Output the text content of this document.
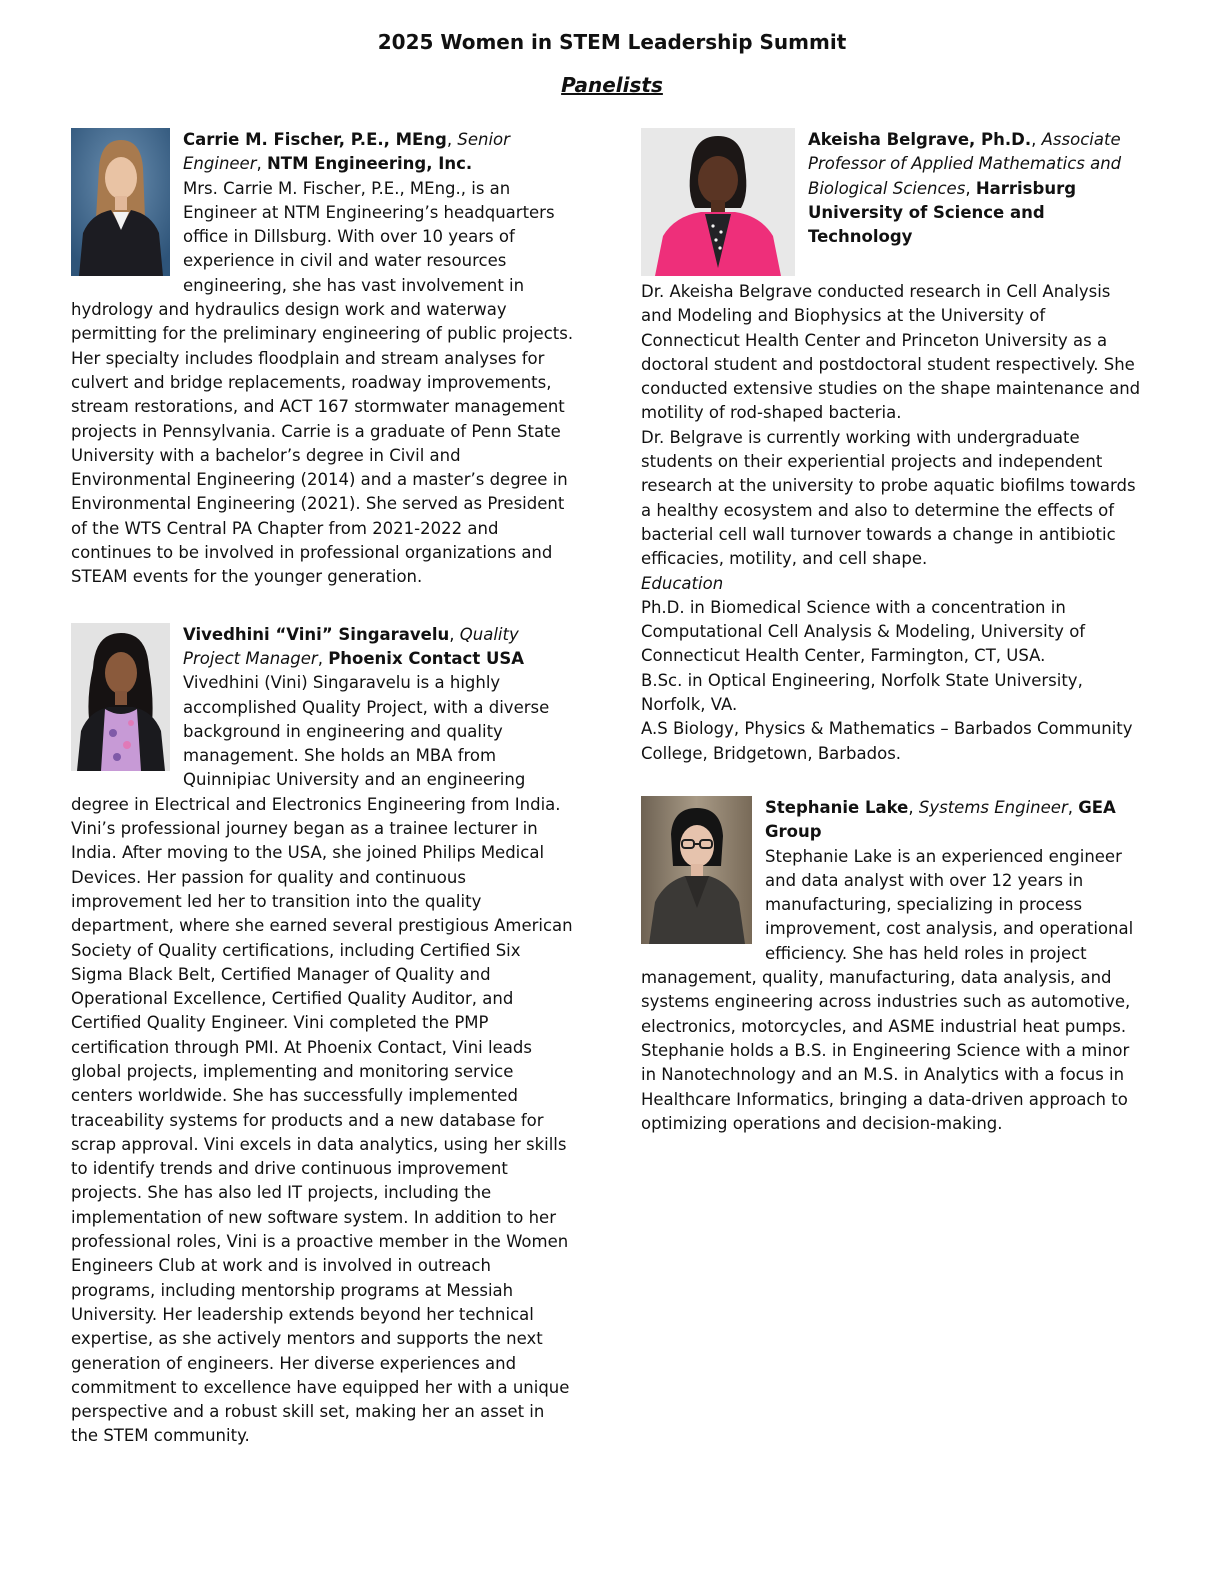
2025 Women in STEM Leadership Summit
Panelists

Carrie M. Fischer, P.E., MEng, Senior Engineer, NTM Engineering, Inc.

Mrs. Carrie M. Fischer, P.E., MEng., is an Engineer at NTM Engineering’s headquarters office in Dillsburg. With over 10 years of experience in civil and water resources engineering, she has vast involvement in hydrology and hydraulics design work and waterway permitting for the preliminary engineering of public projects. Her specialty includes floodplain and stream analyses for culvert and bridge replacements, roadway improvements, stream restorations, and ACT 167 stormwater management projects in Pennsylvania. Carrie is a graduate of Penn State University with a bachelor’s degree in Civil and Environmental Engineering (2014) and a master’s degree in Environmental Engineering (2021). She served as President of the WTS Central PA Chapter from 2021-2022 and continues to be involved in professional organizations and STEAM events for the younger generation.

Vivedhini “Vini” Singaravelu, Quality Project Manager, Phoenix Contact USA

Vivedhini (Vini) Singaravelu is a highly accomplished Quality Project, with a diverse background in engineering and quality management. She holds an MBA from Quinnipiac University and an engineering degree in Electrical and Electronics Engineering from India. Vini’s professional journey began as a trainee lecturer in India. After moving to the USA, she joined Philips Medical Devices. Her passion for quality and continuous improvement led her to transition into the quality department, where she earned several prestigious American Society of Quality certifications, including Certified Six Sigma Black Belt, Certified Manager of Quality and Operational Excellence, Certified Quality Auditor, and Certified Quality Engineer. Vini completed the PMP certification through PMI. At Phoenix Contact, Vini leads global projects, implementing and monitoring service centers worldwide. She has successfully implemented traceability systems for products and a new database for scrap approval. Vini excels in data analytics, using her skills to identify trends and drive continuous improvement projects. She has also led IT projects, including the implementation of new software system. In addition to her professional roles, Vini is a proactive member in the Women Engineers Club at work and is involved in outreach programs, including mentorship programs at Messiah University. Her leadership extends beyond her technical expertise, as she actively mentors and supports the next generation of engineers. Her diverse experiences and commitment to excellence have equipped her with a unique perspective and a robust skill set, making her an asset in the STEM community.

Akeisha Belgrave, Ph.D., Associate Professor of Applied Mathematics and Biological Sciences, Harrisburg University of Science and Technology

Dr. Akeisha Belgrave conducted research in Cell Analysis and Modeling and Biophysics at the University of Connecticut Health Center and Princeton University as a doctoral student and postdoctoral student respectively. She conducted extensive studies on the shape maintenance and motility of rod-shaped bacteria.

Dr. Belgrave is currently working with undergraduate students on their experiential projects and independent research at the university to probe aquatic biofilms towards a healthy ecosystem and also to determine the effects of bacterial cell wall turnover towards a change in antibiotic efficacies, motility, and cell shape.

Education

Ph.D. in Biomedical Science with a concentration in Computational Cell Analysis & Modeling, University of Connecticut Health Center, Farmington, CT, USA.

B.Sc. in Optical Engineering, Norfolk State University, Norfolk, VA.

A.S Biology, Physics & Mathematics – Barbados Community College, Bridgetown, Barbados.

Stephanie Lake, Systems Engineer, GEA Group

Stephanie Lake is an experienced engineer and data analyst with over 12 years in manufacturing, specializing in process improvement, cost analysis, and operational efficiency. She has held roles in project management, quality, manufacturing, data analysis, and systems engineering across industries such as automotive, electronics, motorcycles, and ASME industrial heat pumps. Stephanie holds a B.S. in Engineering Science with a minor in Nanotechnology and an M.S. in Analytics with a focus in Healthcare Informatics, bringing a data-driven approach to optimizing operations and decision-making.
